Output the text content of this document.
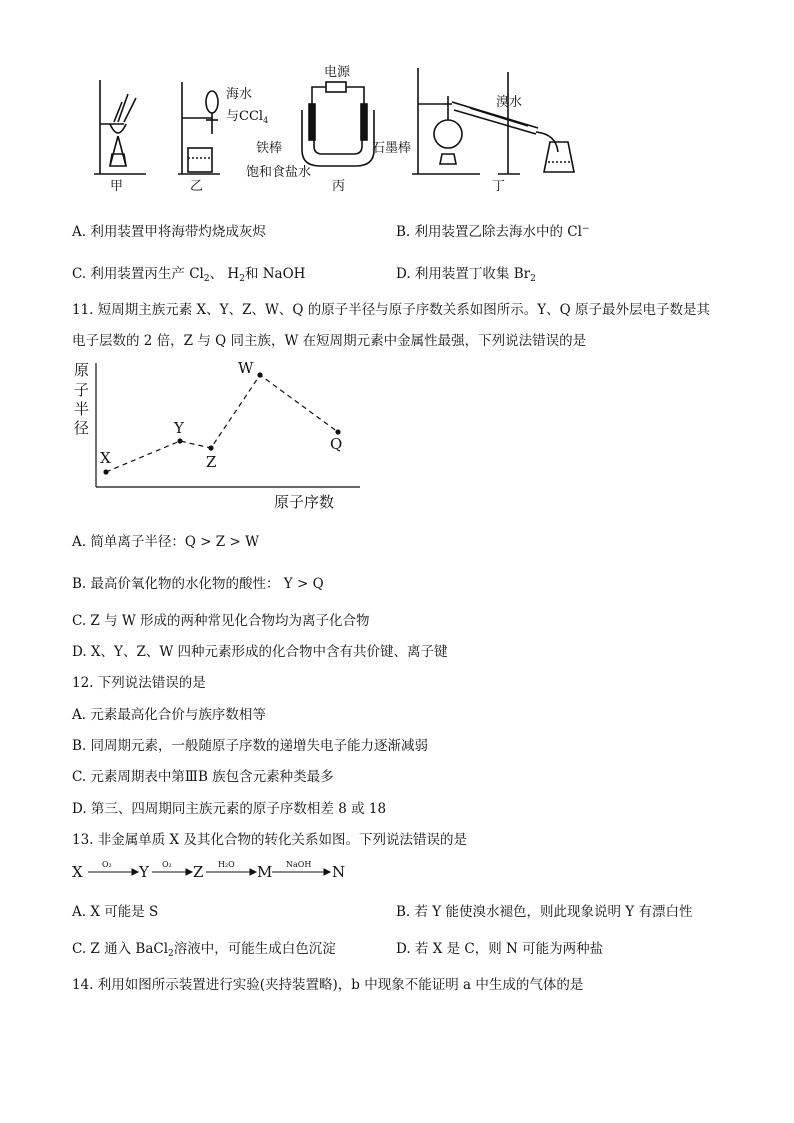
甲	乙	丙	丁
海水
与CCl$_4$
电源
铁棒	石墨棒
饱和食盐水
溴水
A. 利用装置甲将海带灼烧成灰烬	B. 利用装置乙除去海水中的 Cl−
C. 利用装置丙生产 $Cl_2$、 $H_2$和 NaOH	D. 利用装置丁收集 $Br_2$
11. 短周期主族元素 X、Y、Z、W、Q 的原子半径与原子序数关系如图所示。Y、Q 原子最外层电子数是其
电子层数的 2 倍，Z 与 Q 同主族，W 在短周期元素中金属性最强，下列说法错误的是
原
子
半
径
原子序数
X
Y
Z
W
Q
A. 简单离子半径：Q > Z > W
B. 最高价氧化物的水化物的酸性： Y > Q
C. Z 与 W 形成的两种常见化合物均为离子化合物
D. X、Y、Z、W 四种元素形成的化合物中含有共价键、离子键
12. 下列说法错误的是
A. 元素最高化合价与族序数相等
B. 同周期元素，一般随原子序数的递增失电子能力逐渐减弱
C. 元素周期表中第ⅢB 族包含元素种类最多
D. 第三、四周期同主族元素的原子序数相差 8 或 18
13. 非金属单质 X 及其化合物的转化关系如图。下列说法错误的是
X	Y	Z	M	N
O₂	O₂	H₂O	NaOH
A. X 可能是 S	B. 若 Y 能使溴水褪色，则此现象说明 Y 有漂白性
C. Z 通入 BaCl$_2$溶液中，可能生成白色沉淀	D. 若 X 是 C，则 N 可能为两种盐
14. 利用如图所示装置进行实验(夹持装置略)，b 中现象不能证明 a 中生成的气体的是
